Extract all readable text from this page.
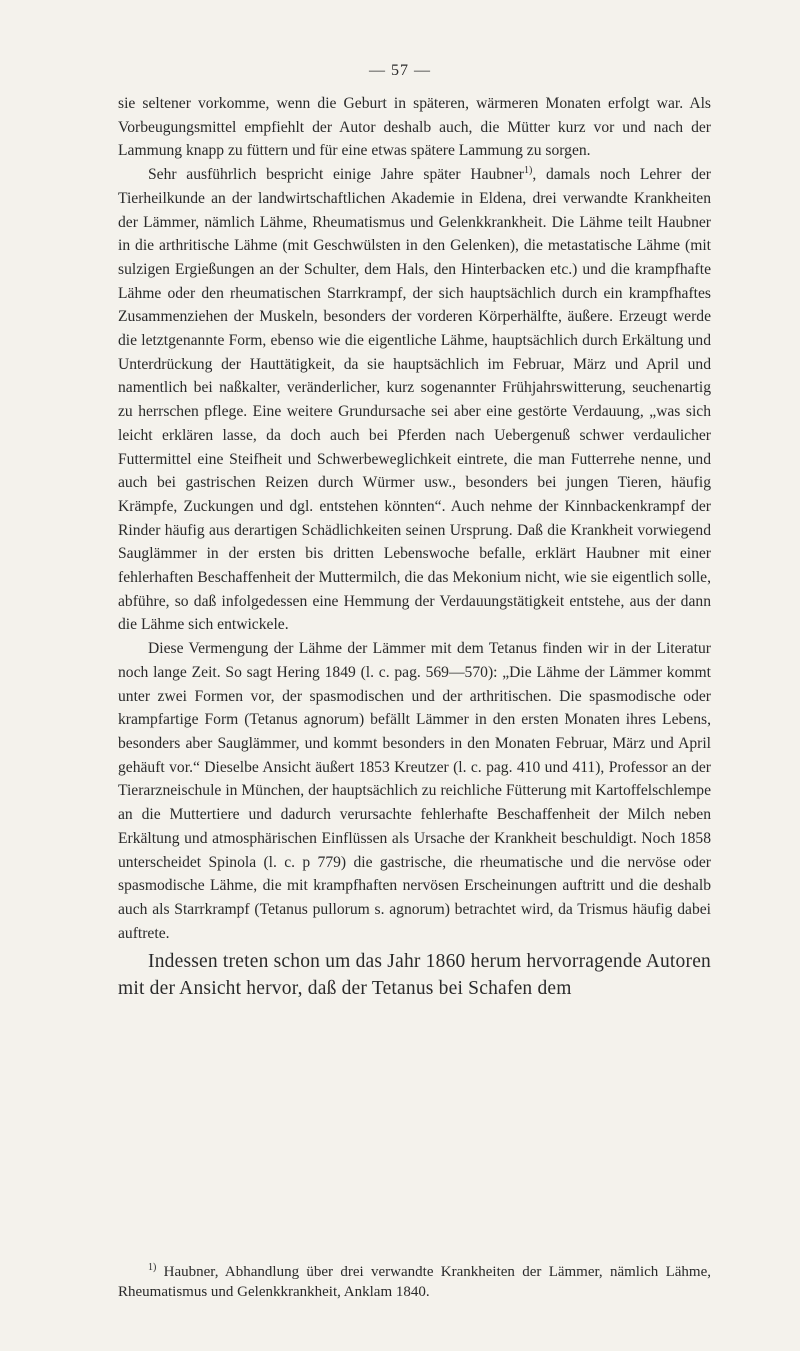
— 57 —

sie seltener vorkomme, wenn die Geburt in späteren, wärmeren Monaten erfolgt war. Als Vorbeugungsmittel empfiehlt der Autor deshalb auch, die Mütter kurz vor und nach der Lammung knapp zu füttern und für eine etwas spätere Lammung zu sorgen.

Sehr ausführlich bespricht einige Jahre später Haubner$^{1)}$, damals noch Lehrer der Tierheilkunde an der landwirtschaftlichen Akademie in Eldena, drei verwandte Krankheiten der Lämmer, nämlich Lähme, Rheumatismus und Gelenkkrankheit. Die Lähme teilt Haubner in die arthritische Lähme (mit Geschwülsten in den Gelenken), die metastatische Lähme (mit sulzigen Ergießungen an der Schulter, dem Hals, den Hinterbacken etc.) und die krampfhafte Lähme oder den rheumatischen Starrkrampf, der sich hauptsächlich durch ein krampfhaftes Zusammenziehen der Muskeln, besonders der vorderen Körperhälfte, äußere. Erzeugt werde die letztgenannte Form, ebenso wie die eigentliche Lähme, hauptsächlich durch Erkältung und Unterdrückung der Hauttätigkeit, da sie hauptsächlich im Februar, März und April und namentlich bei naßkalter, veränderlicher, kurz sogenannter Frühjahrswitterung, seuchenartig zu herrschen pflege. Eine weitere Grundursache sei aber eine gestörte Verdauung, „was sich leicht erklären lasse, da doch auch bei Pferden nach Uebergenuß schwer verdaulicher Futtermittel eine Steifheit und Schwerbeweglichkeit eintrete, die man Futterrehe nenne, und auch bei gastrischen Reizen durch Würmer usw., besonders bei jungen Tieren, häufig Krämpfe, Zuckungen und dgl. entstehen könnten“. Auch nehme der Kinnbackenkrampf der Rinder häufig aus derartigen Schädlichkeiten seinen Ursprung. Daß die Krankheit vorwiegend Sauglämmer in der ersten bis dritten Lebenswoche befalle, erklärt Haubner mit einer fehlerhaften Beschaffenheit der Muttermilch, die das Mekonium nicht, wie sie eigentlich solle, abführe, so daß infolgedessen eine Hemmung der Verdauungstätigkeit entstehe, aus der dann die Lähme sich entwickele.

Diese Vermengung der Lähme der Lämmer mit dem Tetanus finden wir in der Literatur noch lange Zeit. So sagt Hering 1849 (l. c. pag. 569—570): „Die Lähme der Lämmer kommt unter zwei Formen vor, der spasmodischen und der arthritischen. Die spasmodische oder krampfartige Form (Tetanus agnorum) befällt Lämmer in den ersten Monaten ihres Lebens, besonders aber Sauglämmer, und kommt besonders in den Monaten Februar, März und April gehäuft vor.“ Dieselbe Ansicht äußert 1853 Kreutzer (l. c. pag. 410 und 411), Professor an der Tierarzneischule in München, der hauptsächlich zu reichliche Fütterung mit Kartoffelschlempe an die Muttertiere und dadurch verursachte fehlerhafte Beschaffenheit der Milch neben Erkältung und atmosphärischen Einflüssen als Ursache der Krankheit beschuldigt. Noch 1858 unterscheidet Spinola (l. c. p 779) die gastrische, die rheumatische und die nervöse oder spasmodische Lähme, die mit krampfhaften nervösen Erscheinungen auftritt und die deshalb auch als Starrkrampf (Tetanus pullorum s. agnorum) betrachtet wird, da Trismus häufig dabei auftrete.

Indessen treten schon um das Jahr 1860 herum hervorragende Autoren mit der Ansicht hervor, daß der Tetanus bei Schafen dem

$^{1)}$ Haubner, Abhandlung über drei verwandte Krankheiten der Lämmer, nämlich Lähme, Rheumatismus und Gelenkkrankheit, Anklam 1840.
